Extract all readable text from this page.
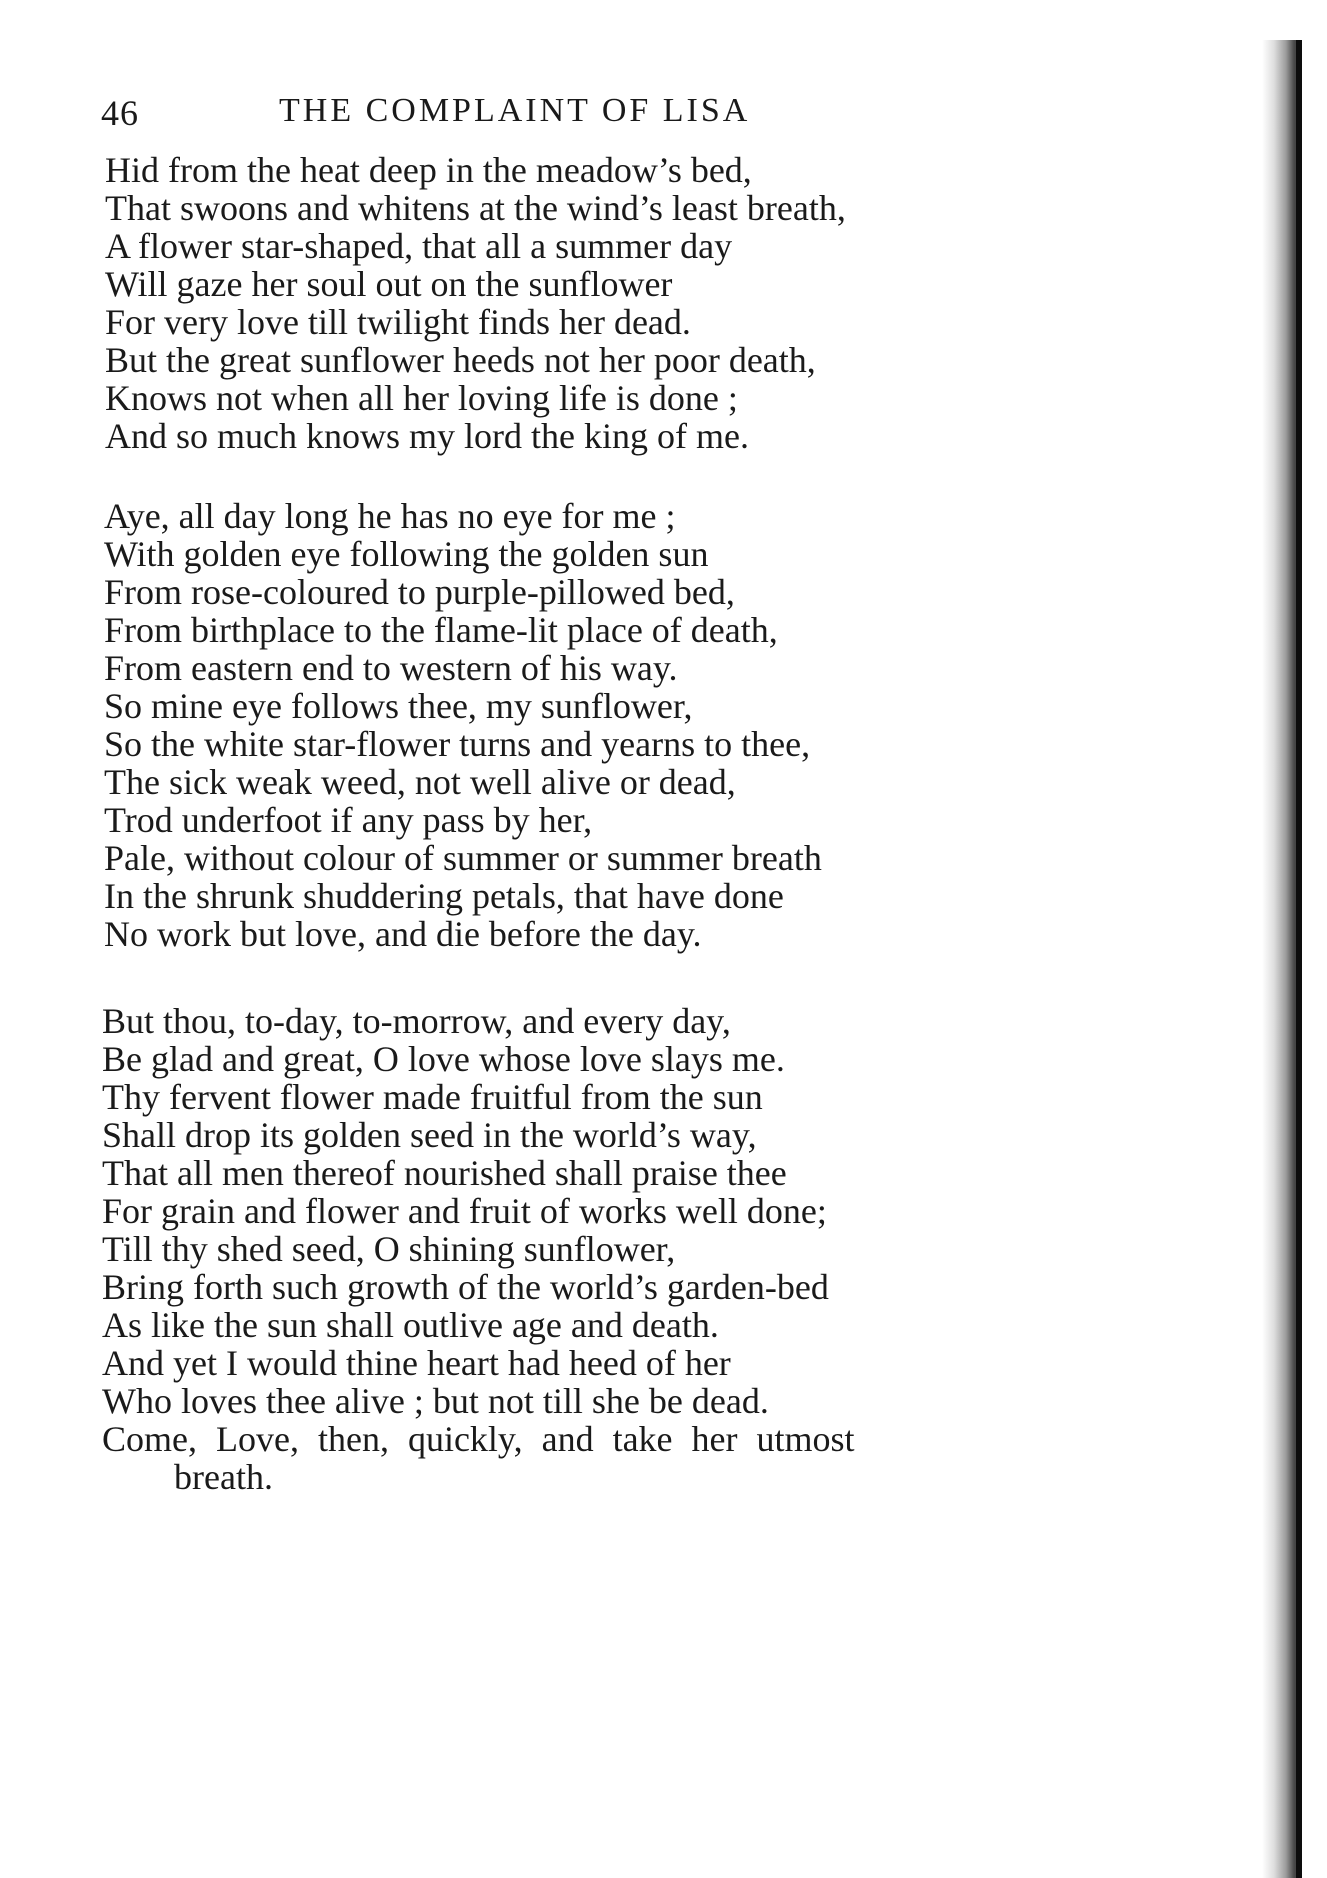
46	THE COMPLAINT OF LISA
Hid from the heat deep in the meadow’s bed,
That swoons and whitens at the wind’s least breath,
A flower star-shaped, that all a summer day
Will gaze her soul out on the sunflower
For very love till twilight finds her dead.
But the great sunflower heeds not her poor death,
Knows not when all her loving life is done ;
And so much knows my lord the king of me.
Aye, all day long he has no eye for me ;
With golden eye following the golden sun
From rose-coloured to purple-pillowed bed,
From birthplace to the flame-lit place of death,
From eastern end to western of his way.
So mine eye follows thee, my sunflower,
So the white star-flower turns and yearns to thee,
The sick weak weed, not well alive or dead,
Trod underfoot if any pass by her,
Pale, without colour of summer or summer breath
In the shrunk shuddering petals, that have done
No work but love, and die before the day.
But thou, to-day, to-morrow, and every day,
Be glad and great, O love whose love slays me.
Thy fervent flower made fruitful from the sun
Shall drop its golden seed in the world’s way,
That all men thereof nourished shall praise thee
For grain and flower and fruit of works well done;
Till thy shed seed, O shining sunflower,
Bring forth such growth of the world’s garden-bed
As like the sun shall outlive age and death.
And yet I would thine heart had heed of her
Who loves thee alive ; but not till she be dead.
Come, Love, then, quickly, and take her utmost
breath.
